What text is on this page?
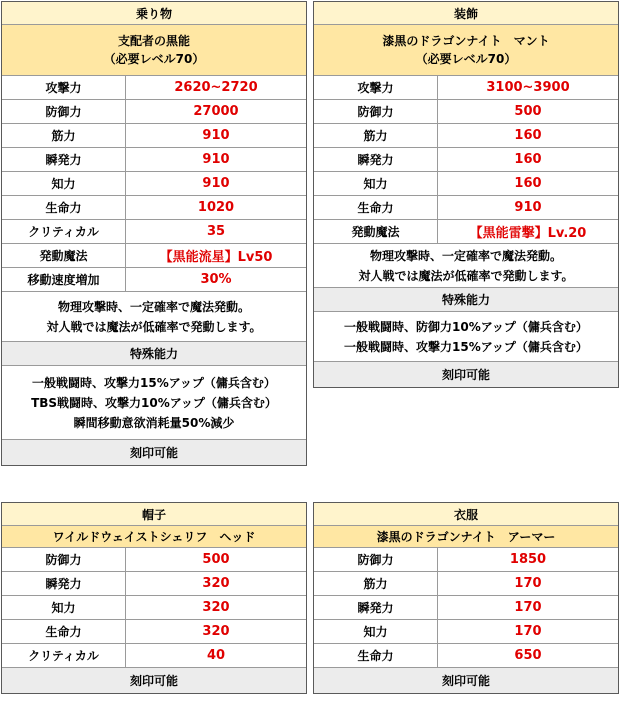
乗り物
支配者の黒能
（必要レベル70）
攻撃力	2620~2720
防御力	27000
筋力	910
瞬発力	910
知力	910
生命力	1020
クリティカル	35
発動魔法	【黒能流星】Lv50
移動速度増加	30%
物理攻撃時、一定確率で魔法発動。
対人戦では魔法が低確率で発動します。
特殊能力
一般戦闘時、攻撃力15%アップ（傭兵含む）
TBS戦闘時、攻撃力10%アップ（傭兵含む）
瞬間移動意欲消耗量50%減少
刻印可能
装飾
漆黒のドラゴンナイト　マント
（必要レベル70）
攻撃力	3100~3900
防御力	500
筋力	160
瞬発力	160
知力	160
生命力	910
発動魔法	【黒能雷撃】Lv.20
物理攻撃時、一定確率で魔法発動。
対人戦では魔法が低確率で発動します。
特殊能力
一般戦闘時、防御力10%アップ（傭兵含む）
一般戦闘時、攻撃力15%アップ（傭兵含む）
刻印可能
帽子
ワイルドウェイストシェリフ　ヘッド
防御力	500
瞬発力	320
知力	320
生命力	320
クリティカル	40
刻印可能
衣服
漆黒のドラゴンナイト　アーマー
防御力	1850
筋力	170
瞬発力	170
知力	170
生命力	650
刻印可能
